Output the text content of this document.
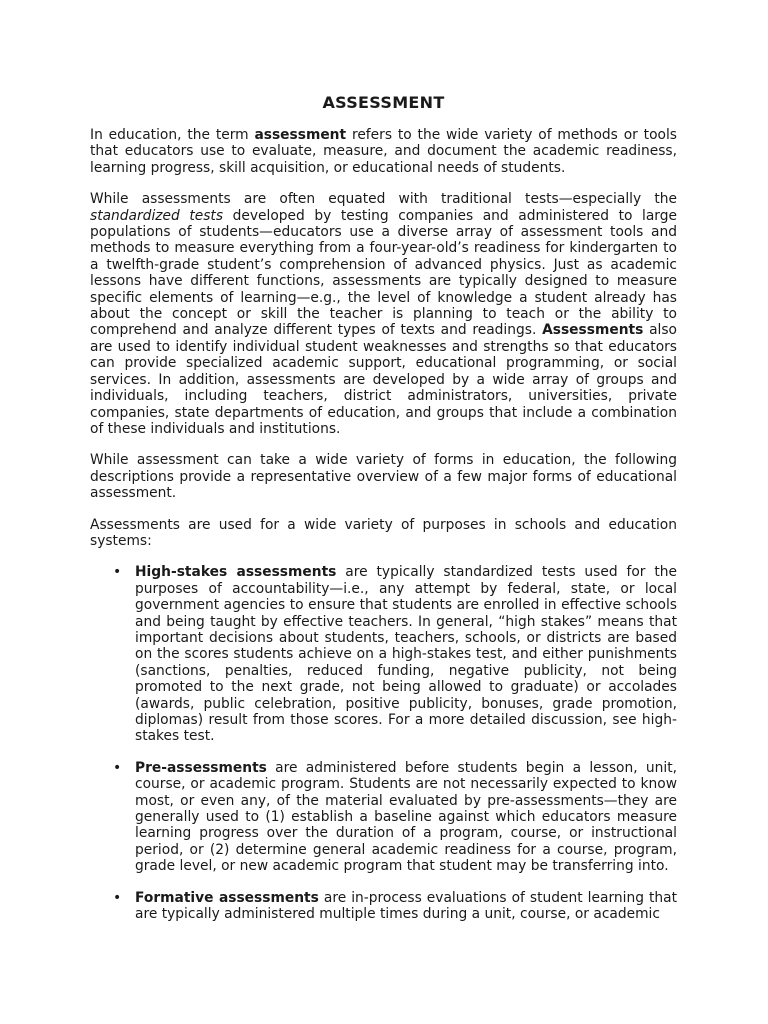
ASSESSMENT

In education, the term assessment refers to the wide variety of methods or tools that educators use to evaluate, measure, and document the academic readiness, learning progress, skill acquisition, or educational needs of students.

While assessments are often equated with traditional tests—especially the standardized tests developed by testing companies and administered to large populations of students—educators use a diverse array of assessment tools and methods to measure everything from a four-year-old’s readiness for kindergarten to a twelfth-grade student’s comprehension of advanced physics. Just as academic lessons have different functions, assessments are typically designed to measure specific elements of learning—e.g., the level of knowledge a student already has about the concept or skill the teacher is planning to teach or the ability to comprehend and analyze different types of texts and readings. Assessments also are used to identify individual student weaknesses and strengths so that educators can provide specialized academic support, educational programming, or social services. In addition, assessments are developed by a wide array of groups and individuals, including teachers, district administrators, universities, private companies, state departments of education, and groups that include a combination of these individuals and institutions.

While assessment can take a wide variety of forms in education, the following descriptions provide a representative overview of a few major forms of educational assessment.

Assessments are used for a wide variety of purposes in schools and education systems:

• High-stakes assessments are typically standardized tests used for the purposes of accountability—i.e., any attempt by federal, state, or local government agencies to ensure that students are enrolled in effective schools and being taught by effective teachers. In general, “high stakes” means that important decisions about students, teachers, schools, or districts are based on the scores students achieve on a high-stakes test, and either punishments (sanctions, penalties, reduced funding, negative publicity, not being promoted to the next grade, not being allowed to graduate) or accolades (awards, public celebration, positive publicity, bonuses, grade promotion, diplomas) result from those scores. For a more detailed discussion, see high-stakes test.
• Pre-assessments are administered before students begin a lesson, unit, course, or academic program. Students are not necessarily expected to know most, or even any, of the material evaluated by pre-assessments—they are generally used to (1) establish a baseline against which educators measure learning progress over the duration of a program, course, or instructional period, or (2) determine general academic readiness for a course, program, grade level, or new academic program that student may be transferring into.
• Formative assessments are in-process evaluations of student learning that are typically administered multiple times during a unit, course, or academic
